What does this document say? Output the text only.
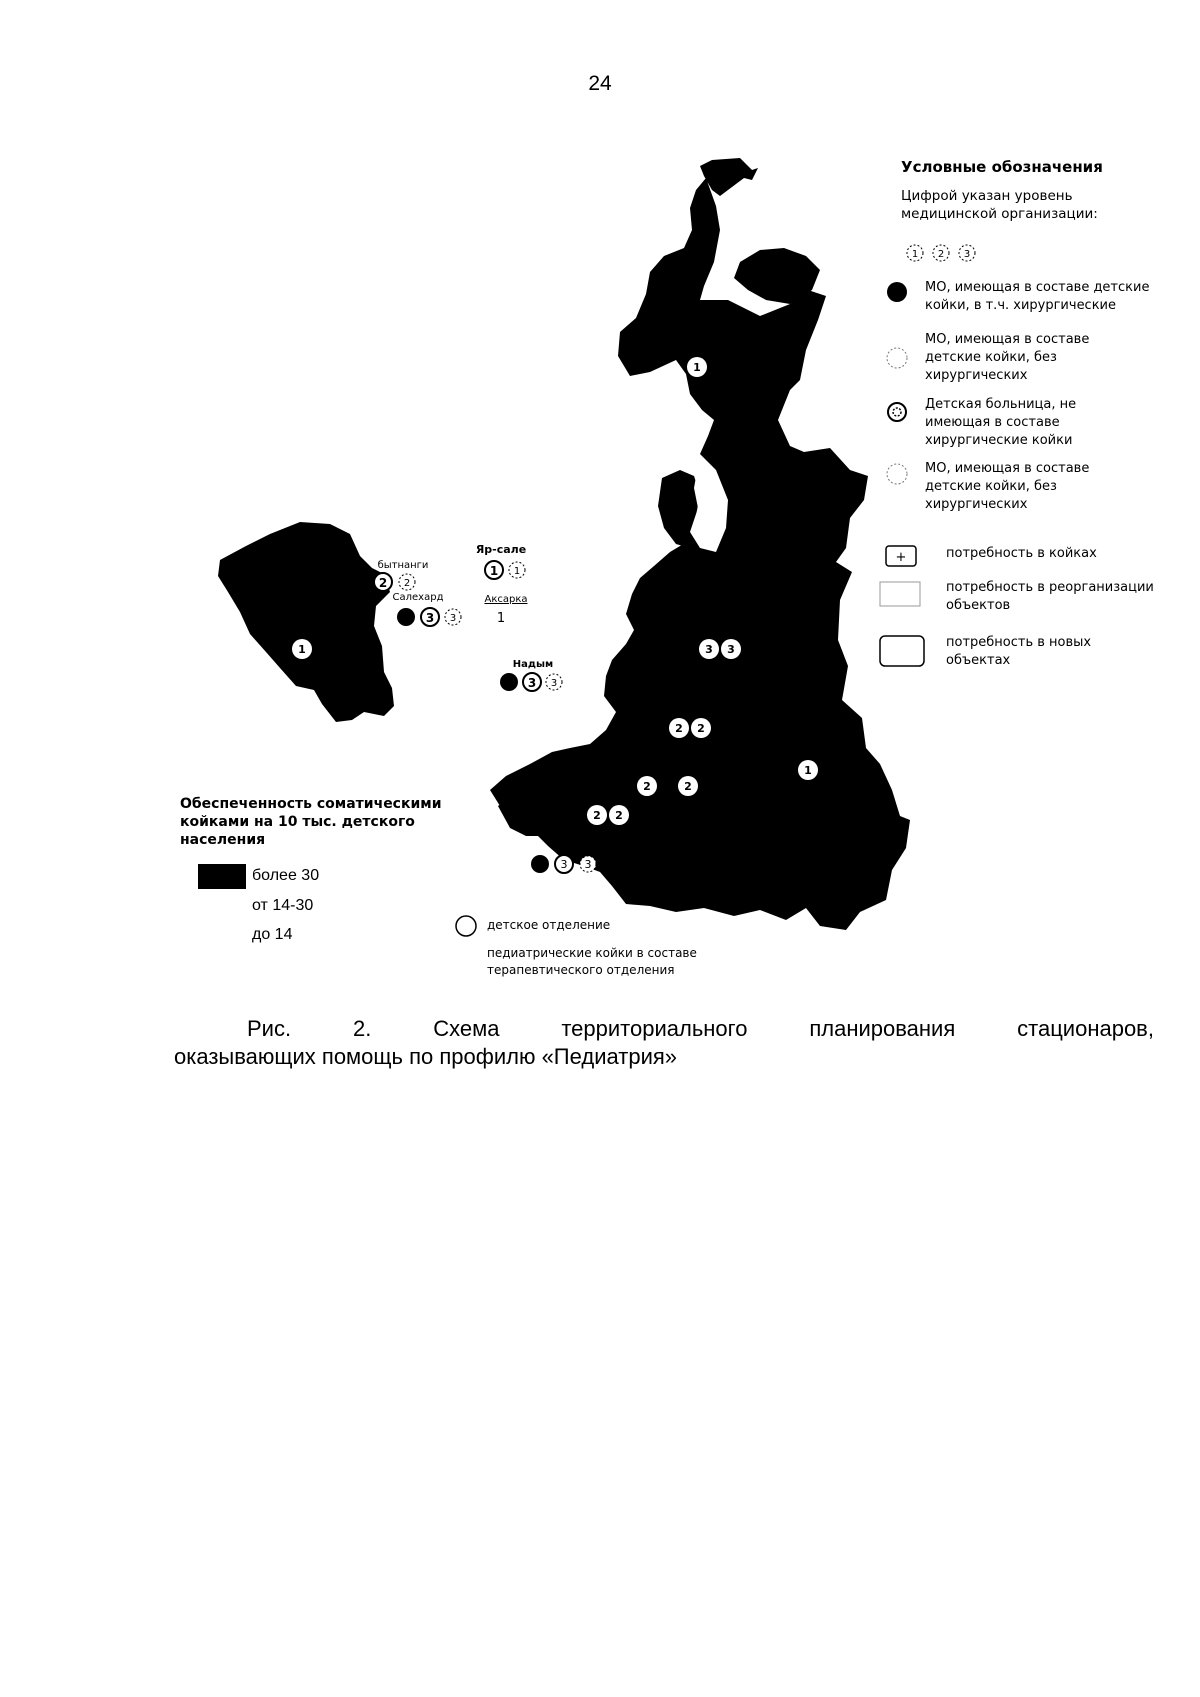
24
1
3 3
2 2
1
2	2
2 2
1
3 3
бытнанги
2 2
Салехард
3 3
Яр-сале
1 1
Аксарка
1
Надым
3 3
1 2 3
+
Условные обозначения
Цифрой указан уровень медицинской организации:
МО, имеющая в составе детские койки, в т.ч. хирургические
МО, имеющая в составе детские койки, без хирургических
Детская больница, не имеющая в составе хирургические койки
МО, имеющая в составе детские койки, без хирургических
потребность в койках
потребность в реорганизации объектов
потребность в новых объектах
Обеспеченность соматическими койками на 10 тыс. детского населения
более 30
от 14-30
до 14
детское отделение
педиатрические койки в составе терапевтического отделения
Рис. 2. Схема территориального планирования стационаров,
оказывающих помощь по профилю «Педиатрия»
